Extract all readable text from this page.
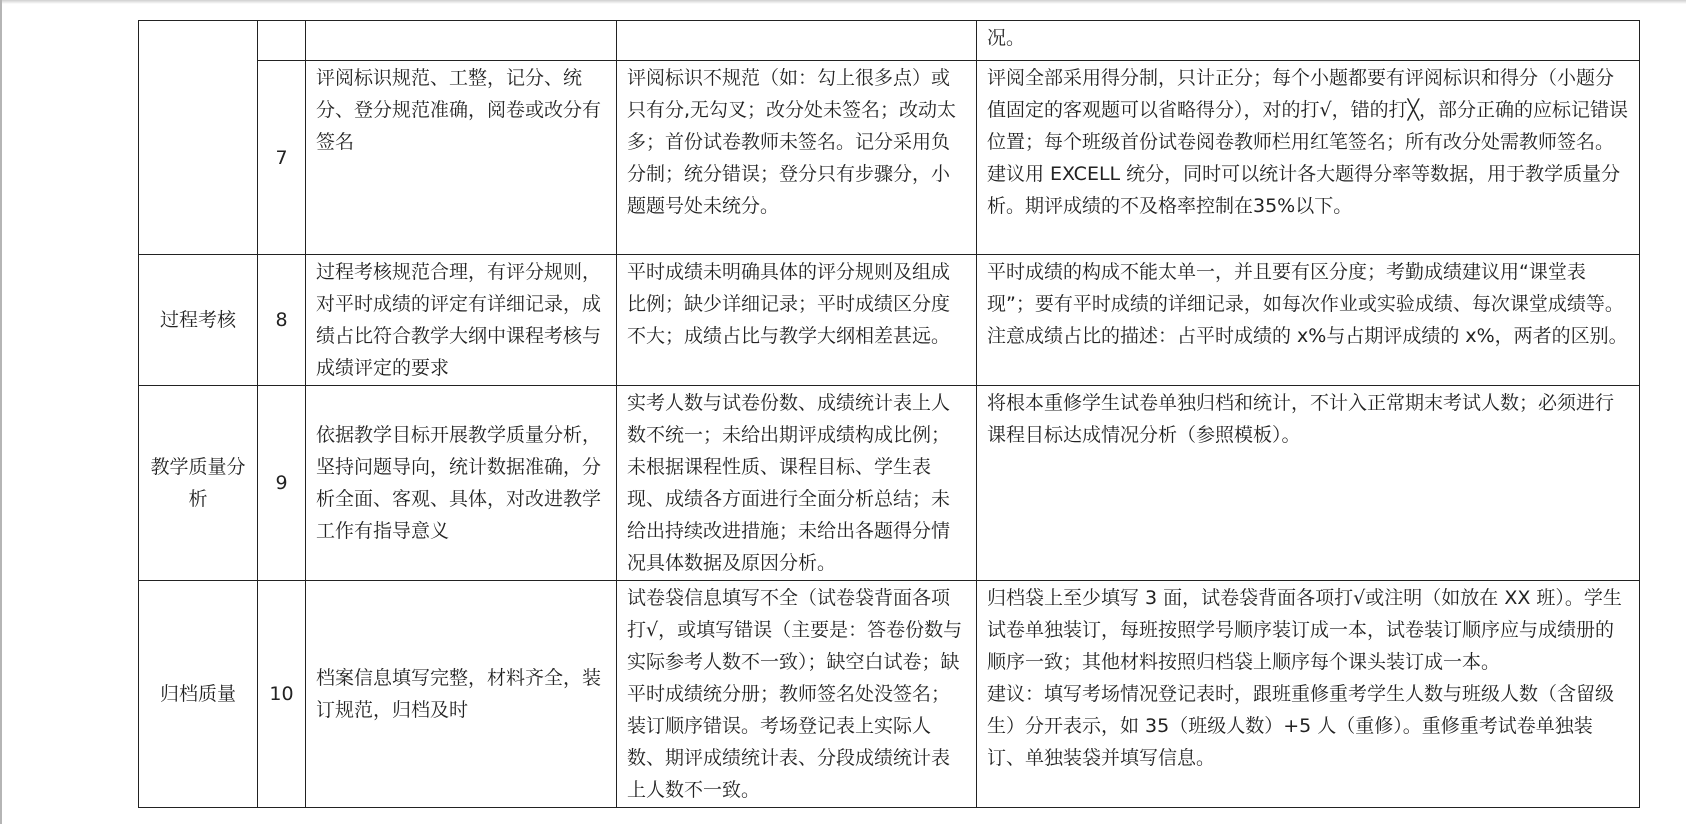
				况。
	7	评阅标识规范、工整，记分、统分、登分规范准确，阅卷或改分有签名	评阅标识不规范（如：勾上很多点）或只有分,无勾叉；改分处未签名；改动太多；首份试卷教师未签名。记分采用负分制；统分错误；登分只有步骤分，小题题号处未统分。	评阅全部采用得分制，只计正分；每个小题都要有评阅标识和得分（小题分值固定的客观题可以省略得分），对的打√，错的打╳，部分正确的应标记错误位置；每个班级首份试卷阅卷教师栏用红笔签名；所有改分处需教师签名。建议用 EXCELL 统分，同时可以统计各大题得分率等数据，用于教学质量分析。期评成绩的不及格率控制在35%以下。
过程考核	8	过程考核规范合理，有评分规则，对平时成绩的评定有详细记录，成绩占比符合教学大纲中课程考核与成绩评定的要求	平时成绩未明确具体的评分规则及组成比例；缺少详细记录；平时成绩区分度不大；成绩占比与教学大纲相差甚远。	平时成绩的构成不能太单一，并且要有区分度；考勤成绩建议用“课堂表现”；要有平时成绩的详细记录，如每次作业或实验成绩、每次课堂成绩等。注意成绩占比的描述：占平时成绩的 x%与占期评成绩的 x%，两者的区别。
教学质量分析	9	依据教学目标开展教学质量分析，坚持问题导向，统计数据准确，分析全面、客观、具体，对改进教学工作有指导意义	实考人数与试卷份数、成绩统计表上人数不统一；未给出期评成绩构成比例；未根据课程性质、课程目标、学生表现、成绩各方面进行全面分析总结；未给出持续改进措施；未给出各题得分情况具体数据及原因分析。	将根本重修学生试卷单独归档和统计，不计入正常期末考试人数；必须进行课程目标达成情况分析（参照模板）。
归档质量	10	档案信息填写完整，材料齐全，装订规范，归档及时	试卷袋信息填写不全（试卷袋背面各项打√，或填写错误（主要是：答卷份数与实际参考人数不一致）；缺空白试卷；缺平时成绩统分册；教师签名处没签名；装订顺序错误。考场登记表上实际人数、期评成绩统计表、分段成绩统计表上人数不一致。	归档袋上至少填写 3 面，试卷袋背面各项打√或注明（如放在 XX 班）。学生试卷单独装订，每班按照学号顺序装订成一本，试卷装订顺序应与成绩册的顺序一致；其他材料按照归档袋上顺序每个课头装订成一本。
建议：填写考场情况登记表时，跟班重修重考学生人数与班级人数（含留级生）分开表示，如 35（班级人数）+5 人（重修）。重修重考试卷单独装订、单独装袋并填写信息。
